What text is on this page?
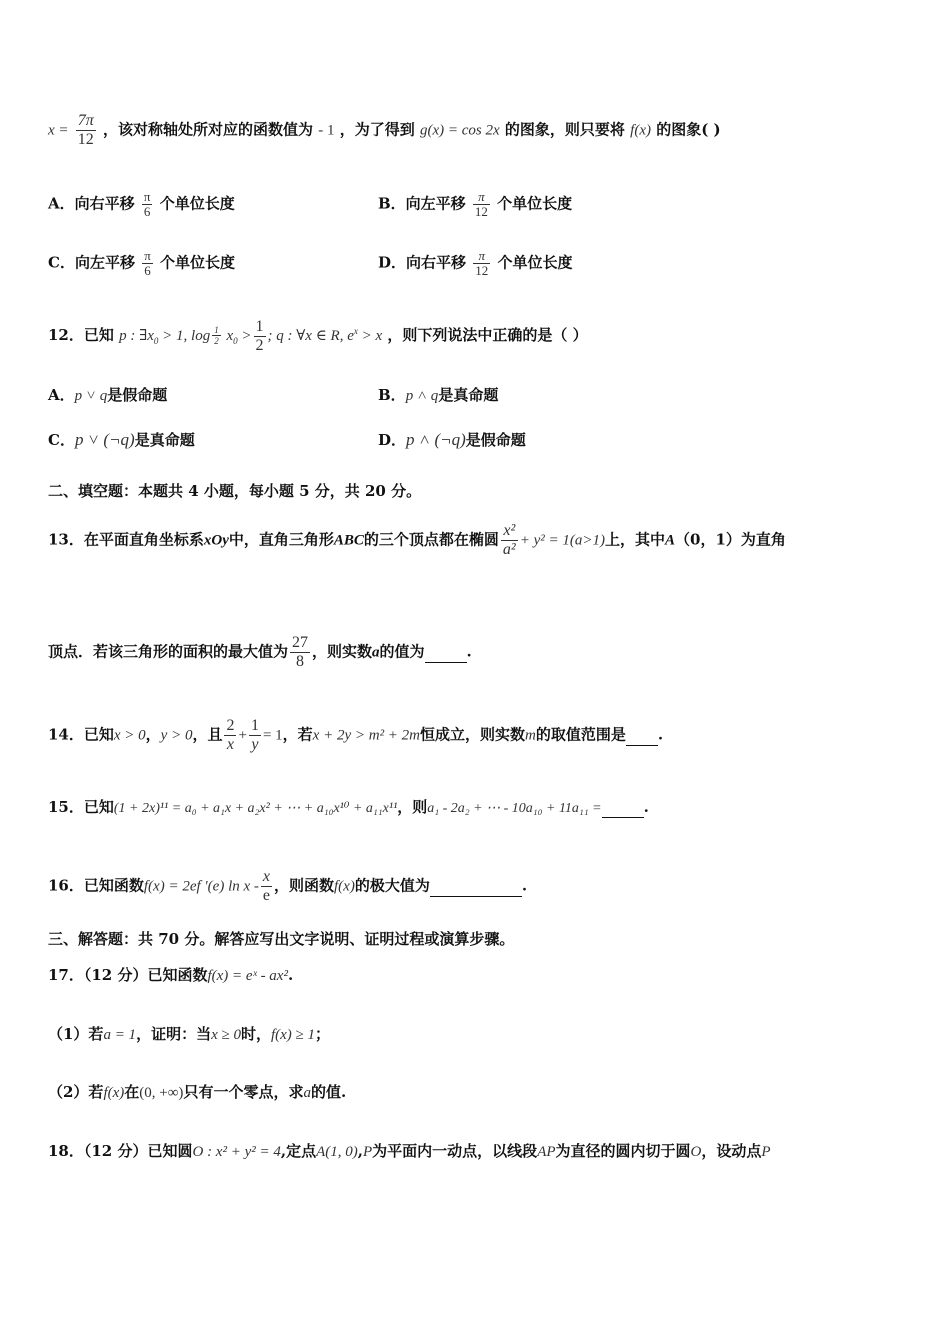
$x = \frac{7\pi}{12}$ ，该对称轴处所对应的函数值为 - 1 ，为了得到 g(x) = cos 2x 的图象，则只要将 f(x) 的图象( )
A．向右平移 $\frac{\pi}{6}$ 个单位长度	B．向左平移 $\frac{\pi}{12}$ 个单位长度
C．向左平移 $\frac{\pi}{6}$ 个单位长度	D．向右平移 $\frac{\pi}{12}$ 个单位长度
12．已知 p : $\exists x_0 > 1$, log $_{\frac{1}{2}}$ $x_0 > \frac{1}{2}$ ; q : ∀x ∈ R, $e^x > x$ ，则下列说法中正确的是（ ）
A．p ˅ q是假命题	B．p ˄ q是真命题
C．p ˅ (¬q)是真命题	D．p ˄ (¬q)是假命题
二、填空题：本题共 4 小题，每小题 5 分，共 20 分。
13．在平面直角坐标系xOy中，直角三角形ABC的三个顶点都在椭圆 $\frac{\text{x²}}{\text{a²}} + y^2 = 1(a>1)$上，其中A（0，1）为直角
顶点．若该三角形的面积的最大值为 $\frac{27}{8}$ ，则实数a的值为	.
14．已知x > 0，y > 0，且 $\frac{2}{x} + \frac{1}{y} = 1$，若x + 2y > m² + 2m恒成立，则实数m的取值范围是 .
15．已知(1 + 2x)¹¹ = a₀ + a₁x + a₂x² + ⋯ + a₁₀x¹⁰ + a₁₁x¹¹，则a₁ - 2a₂ + ⋯ - 10a₁₀ + 11a₁₁ =	.
16．已知函数f(x) = 2ef ′(e) ln x - $\frac{x}{e}$ ，则函数f(x)的极大值为	.
三、解答题：共 70 分。解答应写出文字说明、证明过程或演算步骤。
17．（12 分）已知函数f(x) = eˣ - ax².
（1）若a = 1，证明：当x ≥ 0时，f(x) ≥ 1；
（2）若f(x)在(0, +∞)只有一个零点，求a的值.
18．（12 分）已知圆O : x² + y² = 4,定点A(1, 0),P为平面内一动点，以线段AP为直径的圆内切于圆O，设动点P
